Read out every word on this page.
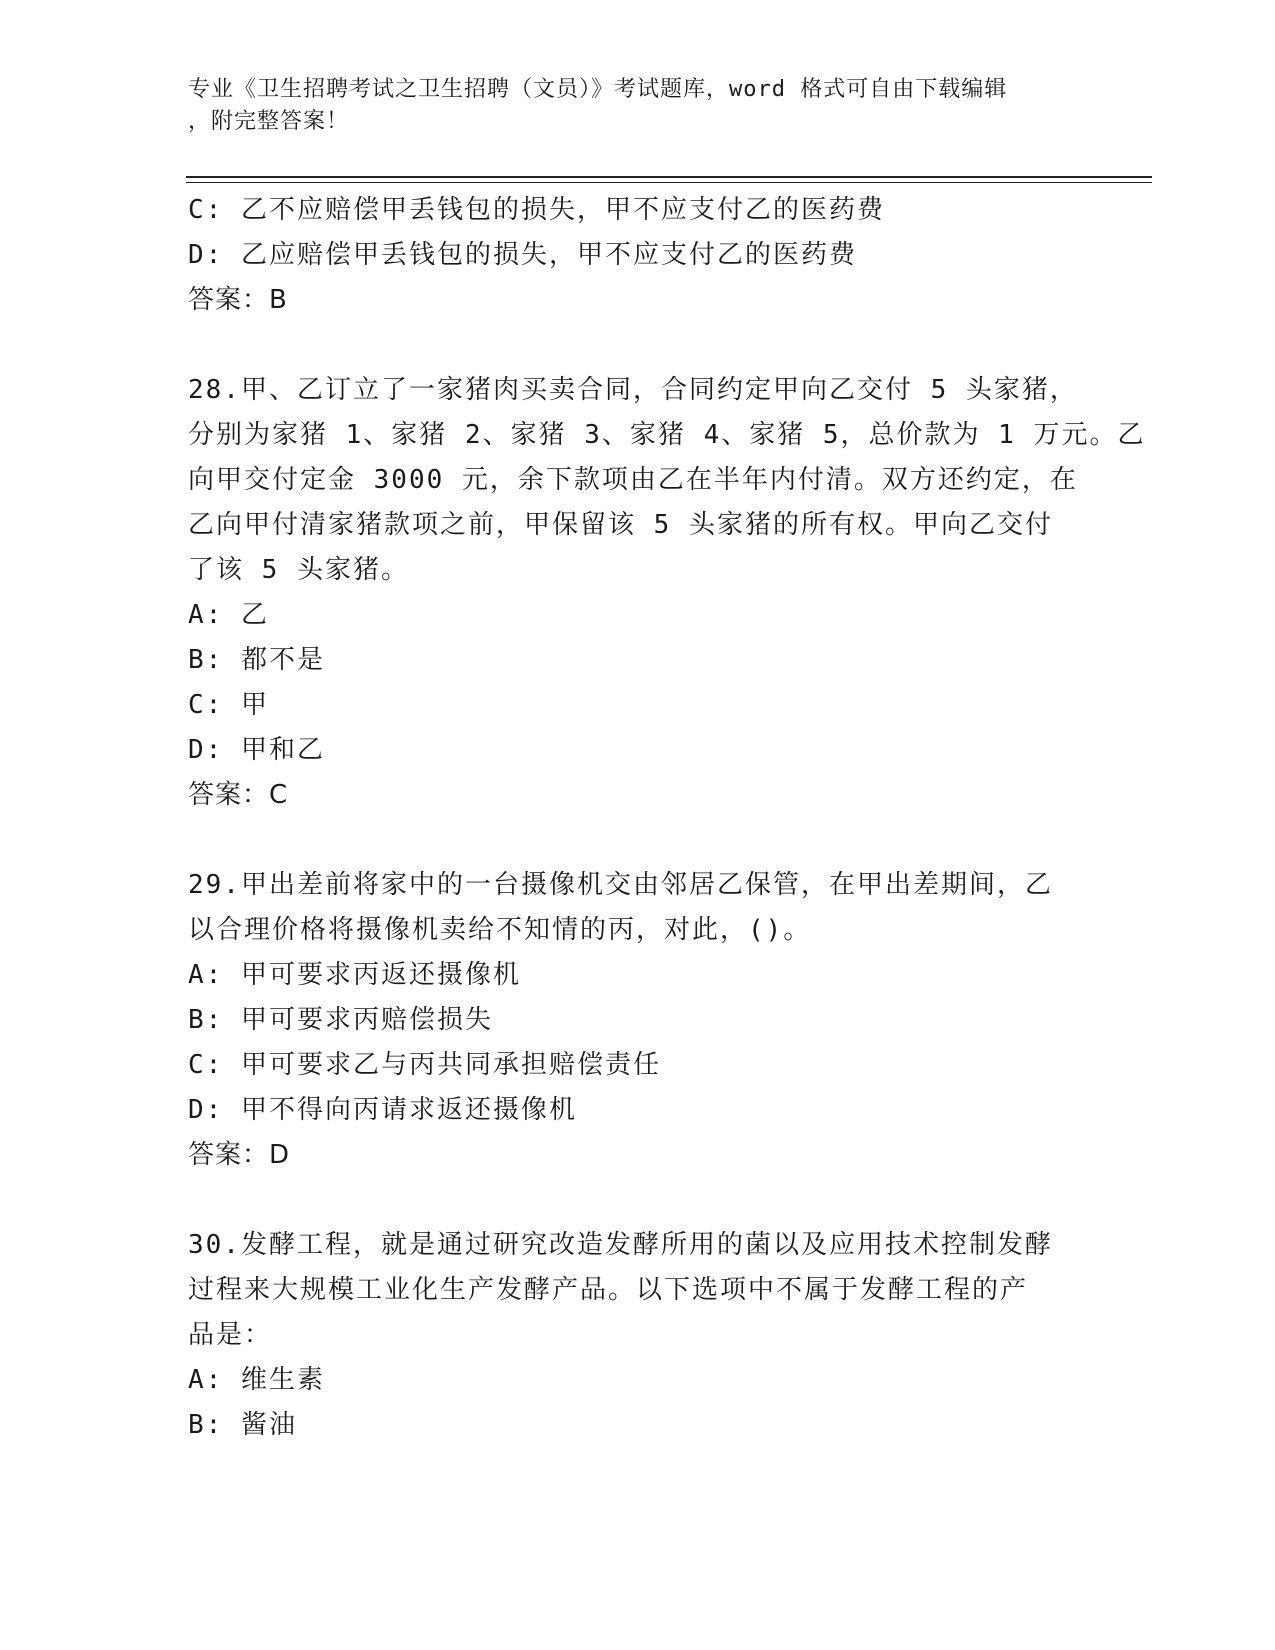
专业《卫生招聘考试之卫生招聘（文员）》考试题库，word 格式可自由下载编辑
，附完整答案！
C: 乙不应赔偿甲丢钱包的损失，甲不应支付乙的医药费
D: 乙应赔偿甲丢钱包的损失，甲不应支付乙的医药费
答案：B
28.甲、乙订立了一家猪肉买卖合同，合同约定甲向乙交付 5 头家猪，
分别为家猪 1、家猪 2、家猪 3、家猪 4、家猪 5，总价款为 1 万元。乙
向甲交付定金 3000 元，余下款项由乙在半年内付清。双方还约定，在
乙向甲付清家猪款项之前，甲保留该 5 头家猪的所有权。甲向乙交付
了该 5 头家猪。
A: 乙
B: 都不是
C: 甲
D: 甲和乙
答案：C
29.甲出差前将家中的一台摄像机交由邻居乙保管，在甲出差期间，乙
以合理价格将摄像机卖给不知情的丙，对此，()。
A: 甲可要求丙返还摄像机
B: 甲可要求丙赔偿损失
C: 甲可要求乙与丙共同承担赔偿责任
D: 甲不得向丙请求返还摄像机
答案：D
30.发酵工程，就是通过研究改造发酵所用的菌以及应用技术控制发酵
过程来大规模工业化生产发酵产品。以下选项中不属于发酵工程的产
品是：
A: 维生素
B: 酱油
